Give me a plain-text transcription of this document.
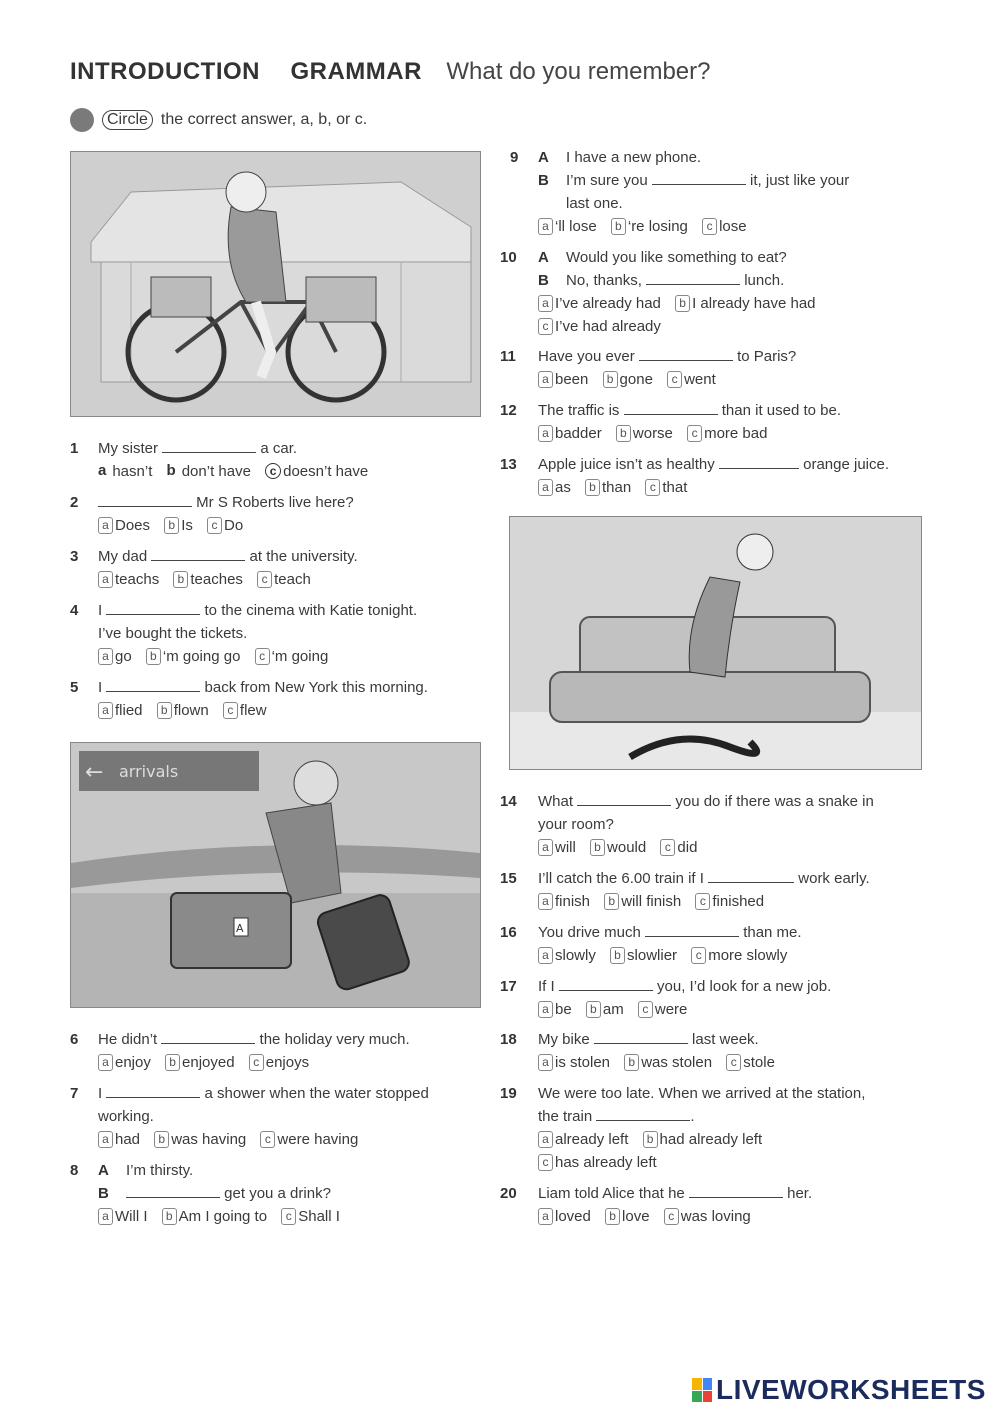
INTRODUCTION GRAMMAR What do you remember?
Circle the correct answer, a, b, or c.
arrivals
←
A
1 My sister	a car.
a hasn’t b don’t have c doesn’t have
2	Mr S Roberts live here?
a Does b Is c Do
3 My dad	at the university.
a teachs b teaches c teach
4 I	to the cinema with Katie tonight.
I’ve bought the tickets.
a go b ‘m going go c ‘m going
5 I	back from New York this morning.
a flied b flown c flew
6 He didn’t	the holiday very much.
a enjoy b enjoyed c enjoys
7 I	a shower when the water stopped
working.
a had b was having c were having
8 A I’m thirsty.
B	get you a drink?
a Will I b Am I going to c Shall I
9 A I have a new phone.
B I’m sure you	it, just like your
last one.
a ‘ll lose b ‘re losing c lose
10 A Would you like something to eat?
B No, thanks,	lunch.
a I’ve already had b I already have had
c I’ve had already
11 Have you ever	to Paris?
a been b gone c went
12 The traffic is	than it used to be.
a badder b worse c more bad
13 Apple juice isn’t as healthy	orange juice.
a as b than c that
14 What	you do if there was a snake in
your room?
a will b would c did
15 I’ll catch the 6.00 train if I	work early.
a finish b will finish c finished
16 You drive much	than me.
a slowly b slowlier c more slowly
17 If I	you, I’d look for a new job.
a be b am c were
18 My bike	last week.
a is stolen b was stolen c stole
19 We were too late. When we arrived at the station,
the train	.
a already left b had already left
c has already left
20 Liam told Alice that he	her.
a loved b love c was loving
LIVEWORKSHEETS
